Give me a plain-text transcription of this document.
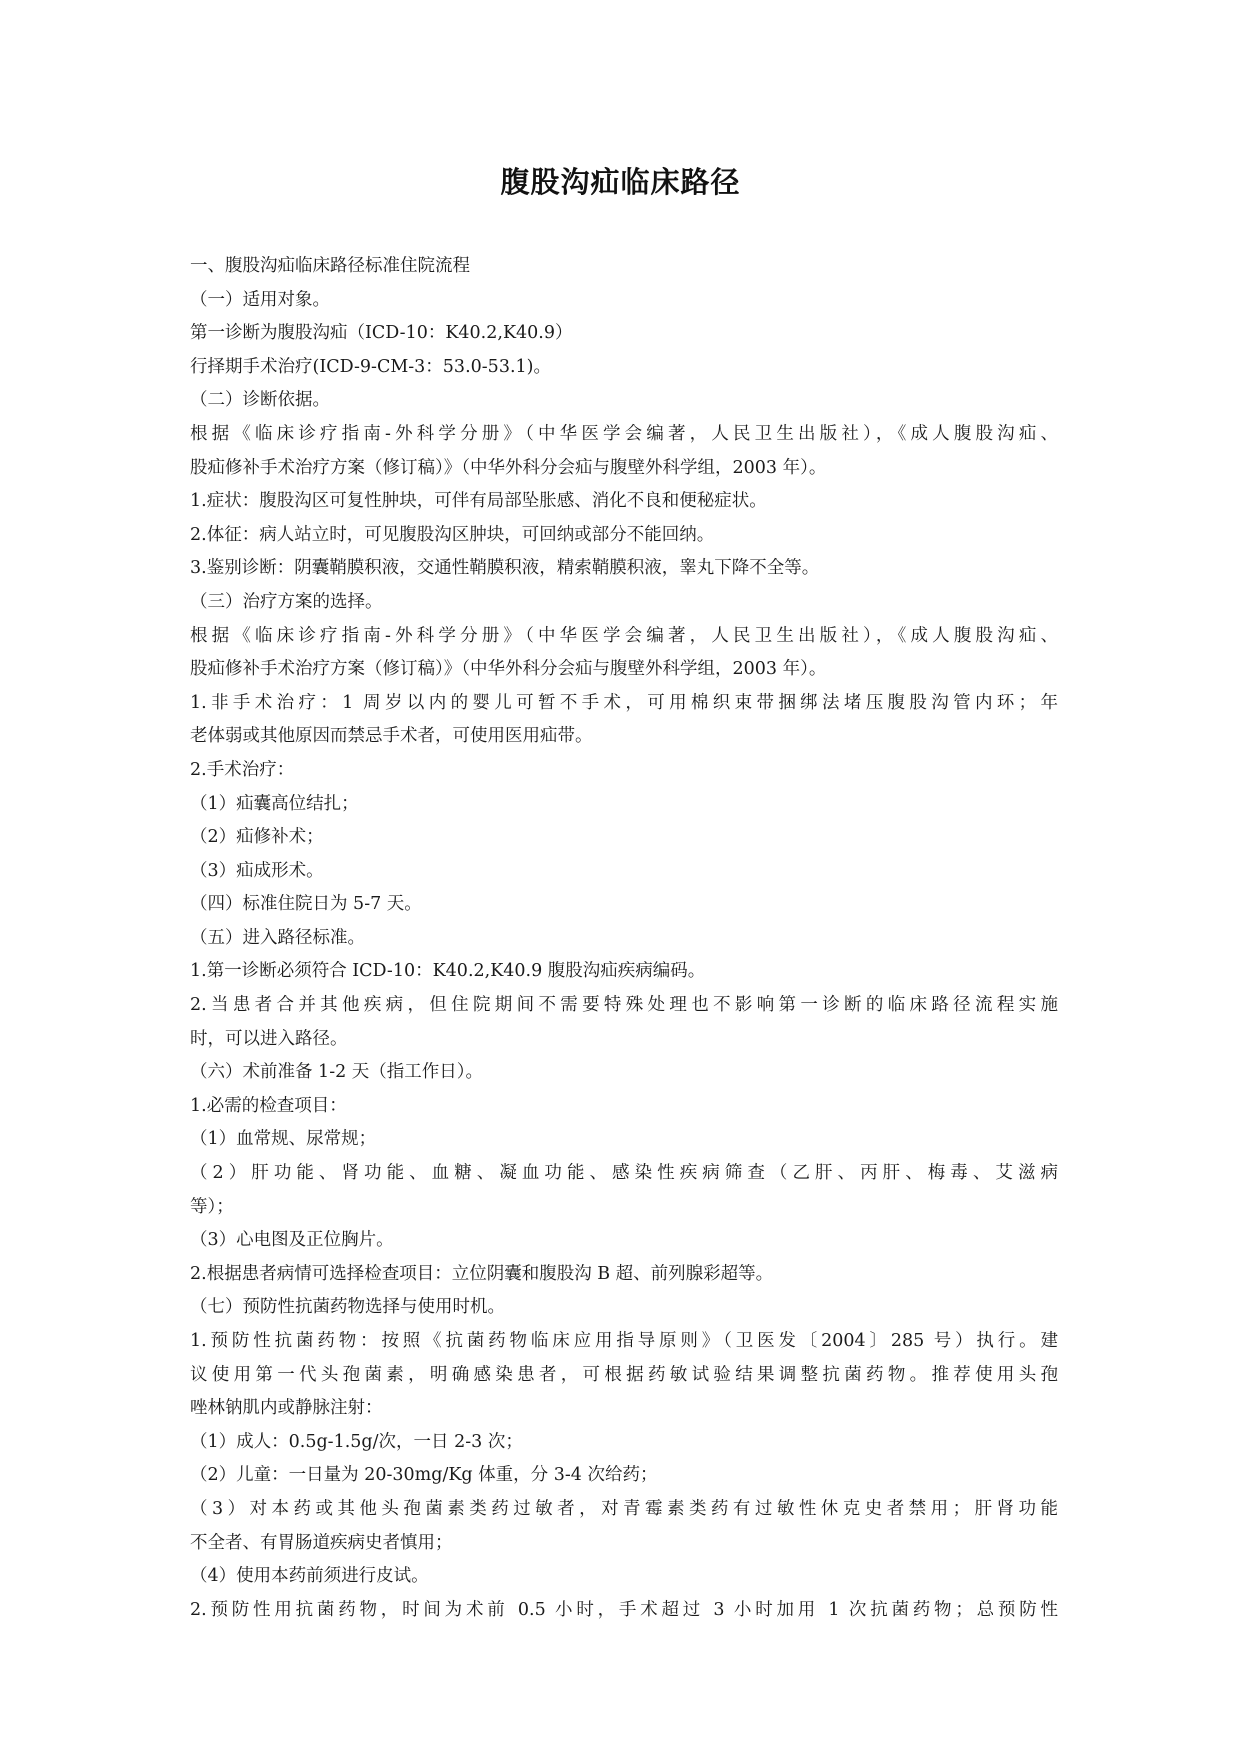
腹股沟疝临床路径
一、腹股沟疝临床路径标准住院流程
（一）适用对象。
第一诊断为腹股沟疝（ICD-10：K40.2,K40.9）
行择期手术治疗(ICD-9-CM-3：53.0-53.1)。
（二）诊断依据。
根据《临床诊疗指南-外科学分册》（中华医学会编著，人民卫生出版社），《成人腹股沟疝、
股疝修补手术治疗方案（修订稿）》（中华外科分会疝与腹壁外科学组，2003 年）。
1.症状：腹股沟区可复性肿块，可伴有局部坠胀感、消化不良和便秘症状。
2.体征：病人站立时，可见腹股沟区肿块，可回纳或部分不能回纳。
3.鉴别诊断：阴囊鞘膜积液，交通性鞘膜积液，精索鞘膜积液，睾丸下降不全等。
（三）治疗方案的选择。
根据《临床诊疗指南-外科学分册》（中华医学会编著，人民卫生出版社），《成人腹股沟疝、
股疝修补手术治疗方案（修订稿）》（中华外科分会疝与腹壁外科学组，2003 年）。
1.非手术治疗：1 周岁以内的婴儿可暂不手术，可用棉织束带捆绑法堵压腹股沟管内环；年
老体弱或其他原因而禁忌手术者，可使用医用疝带。
2.手术治疗：
（1）疝囊高位结扎；
（2）疝修补术；
（3）疝成形术。
（四）标准住院日为 5-7 天。
（五）进入路径标准。
1.第一诊断必须符合 ICD-10：K40.2,K40.9 腹股沟疝疾病编码。
2.当患者合并其他疾病，但住院期间不需要特殊处理也不影响第一诊断的临床路径流程实施
时，可以进入路径。
（六）术前准备 1-2 天（指工作日）。
1.必需的检查项目：
（1）血常规、尿常规；
（2）肝功能、肾功能、血糖、凝血功能、感染性疾病筛查（乙肝、丙肝、梅毒、艾滋病
等）；
（3）心电图及正位胸片。
2.根据患者病情可选择检查项目：立位阴囊和腹股沟 B 超、前列腺彩超等。
（七）预防性抗菌药物选择与使用时机。
1.预防性抗菌药物：按照《抗菌药物临床应用指导原则》（卫医发〔2004〕285 号）执行。建
议使用第一代头孢菌素，明确感染患者，可根据药敏试验结果调整抗菌药物。推荐使用头孢
唑林钠肌内或静脉注射：
（1）成人：0.5g-1.5g/次，一日 2-3 次；
（2）儿童：一日量为 20-30mg/Kg 体重，分 3-4 次给药；
（3）对本药或其他头孢菌素类药过敏者，对青霉素类药有过敏性休克史者禁用；肝肾功能
不全者、有胃肠道疾病史者慎用；
（4）使用本药前须进行皮试。
2.预防性用抗菌药物，时间为术前 0.5 小时，手术超过 3 小时加用 1 次抗菌药物；总预防性
